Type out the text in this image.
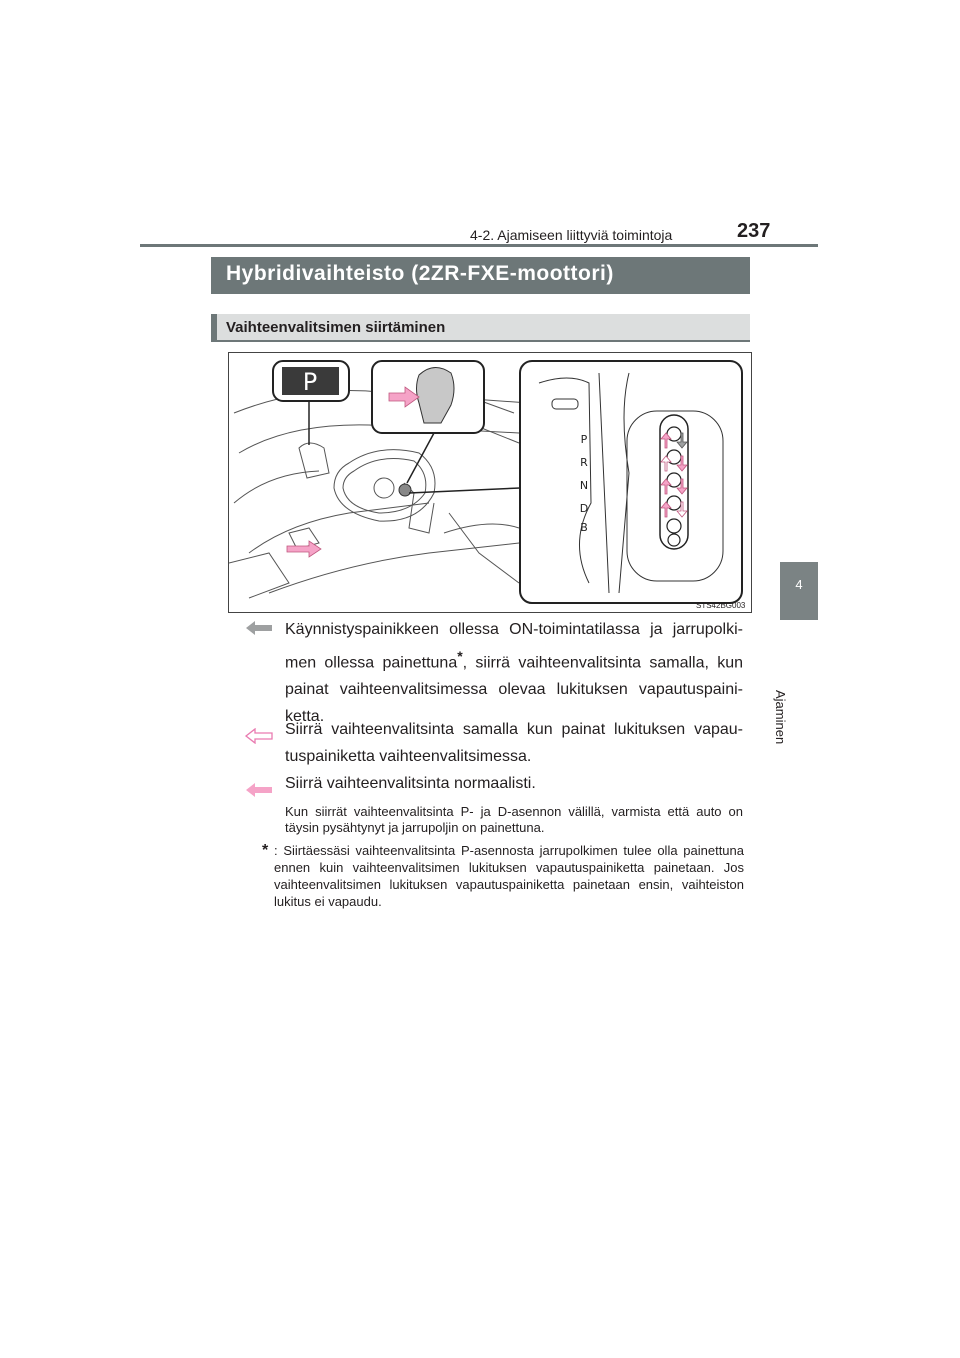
4-2. Ajamiseen liittyviä toimintoja	237
4
Ajaminen
Hybridivaihteisto (2ZR-FXE-moottori)
Vaihteenvalitsimen siirtäminen
P
P
R
N
D
B
STS42BG003
Käynnistyspainikkeen ollessa ON-toimintatilassa ja jarrupolkimen ollessa painettuna*, siirrä vaihteenvalitsinta samalla, kun painat vaihteenvalitsimessa olevaa lukituksen vapautuspainiketta.
Siirrä vaihteenvalitsinta samalla kun painat lukituksen vapautuspainiketta vaihteenvalitsimessa.
Siirrä vaihteenvalitsinta normaalisti.
Kun siirrät vaihteenvalitsinta P- ja D-asennon välillä, varmista että auto on täysin pysähtynyt ja jarrupoljin on painettuna.
* : Siirtäessäsi vaihteenvalitsinta P-asennosta jarrupolkimen tulee olla painettuna ennen kuin vaihteenvalitsimen lukituksen vapautuspainiketta painetaan. Jos vaihteenvalitsimen lukituksen vapautuspainiketta painetaan ensin, vaihteiston lukitus ei vapaudu.
